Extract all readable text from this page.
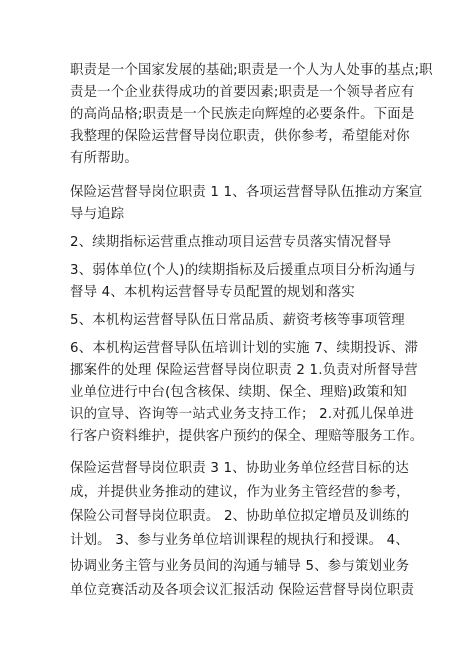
职责是一个国家发展的基础;职责是一个人为人处事的基点;职
责是一个企业获得成功的首要因素;职责是一个领导者应有
的高尚品格;职责是一个民族走向辉煌的必要条件。下面是
我整理的保险运营督导岗位职责，供你参考，希望能对你
有所帮助。
保险运营督导岗位职责 1 1、各项运营督导队伍推动方案宣
导与追踪
2、续期指标运营重点推动项目运营专员落实情况督导
3、弱体单位(个人)的续期指标及后援重点项目分析沟通与
督导 4、本机构运营督导专员配置的规划和落实
5、本机构运营督导队伍日常品质、薪资考核等事项管理
6、本机构运营督导队伍培训计划的实施 7、续期投诉、滞
挪案件的处理 保险运营督导岗位职责 2 1.负责对所督导营
业单位进行中台(包含核保、续期、保全、理赔)政策和知
识的宣导、咨询等一站式业务支持工作； 2.对孤儿保单进
行客户资料维护，提供客户预约的保全、理赔等服务工作。
保险运营督导岗位职责 3 1、协助业务单位经营目标的达
成，并提供业务推动的建议，作为业务主管经营的参考，
保险公司督导岗位职责。 2、协助单位拟定增员及训练的
计划。 3、参与业务单位培训课程的规执行和授课。 4、
协调业务主管与业务员间的沟通与辅导 5、参与策划业务
单位竞赛活动及各项会议汇报活动 保险运营督导岗位职责
